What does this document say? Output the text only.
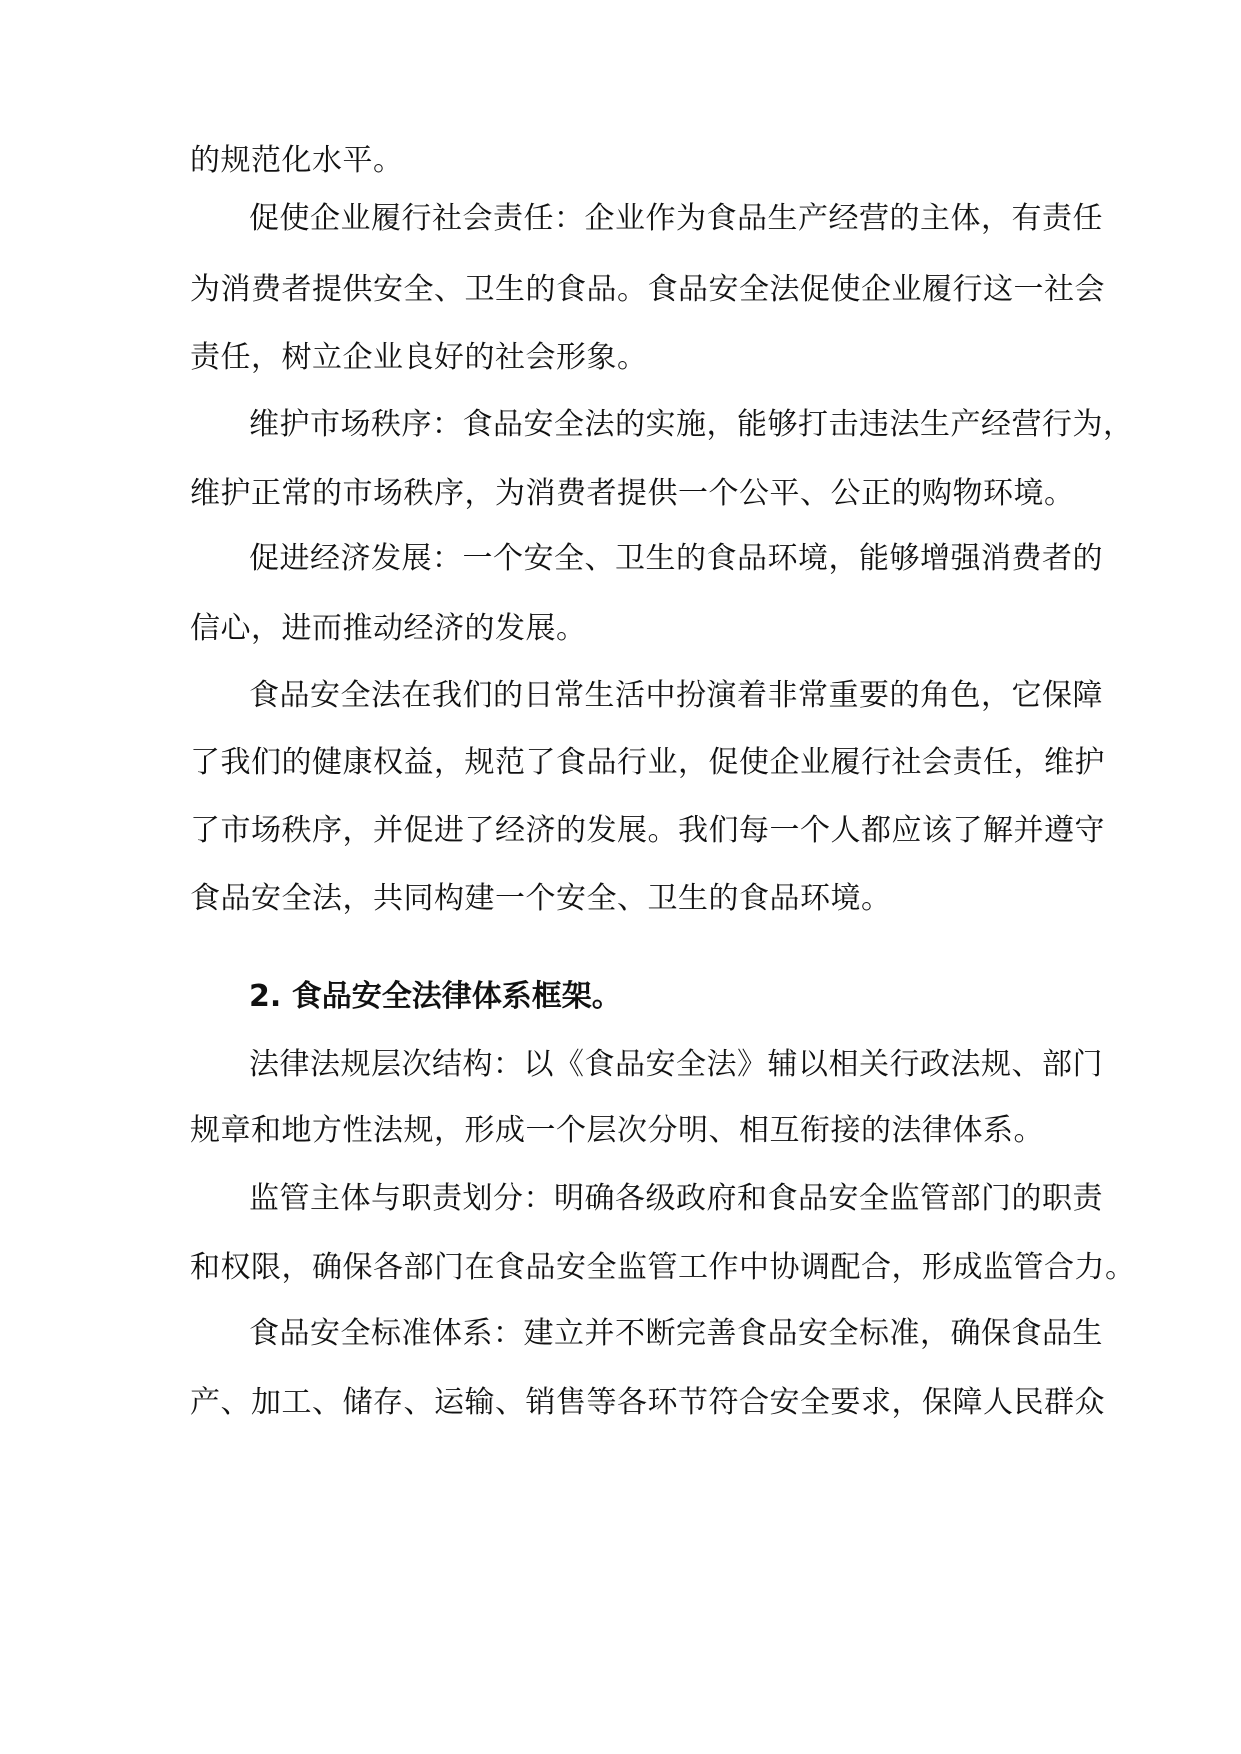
的规范化水平。
促使企业履行社会责任：企业作为食品生产经营的主体，有责任
为消费者提供安全、卫生的食品。食品安全法促使企业履行这一社会
责任，树立企业良好的社会形象。
维护市场秩序：食品安全法的实施，能够打击违法生产经营行为，
维护正常的市场秩序，为消费者提供一个公平、公正的购物环境。
促进经济发展：一个安全、卫生的食品环境，能够增强消费者的
信心，进而推动经济的发展。
食品安全法在我们的日常生活中扮演着非常重要的角色，它保障
了我们的健康权益，规范了食品行业，促使企业履行社会责任，维护
了市场秩序，并促进了经济的发展。我们每一个人都应该了解并遵守
食品安全法，共同构建一个安全、卫生的食品环境。
2. 食品安全法律体系框架。
法律法规层次结构：以《食品安全法》辅以相关行政法规、部门
规章和地方性法规，形成一个层次分明、相互衔接的法律体系。
监管主体与职责划分：明确各级政府和食品安全监管部门的职责
和权限，确保各部门在食品安全监管工作中协调配合，形成监管合力。
食品安全标准体系：建立并不断完善食品安全标准，确保食品生
产、加工、储存、运输、销售等各环节符合安全要求，保障人民群众
